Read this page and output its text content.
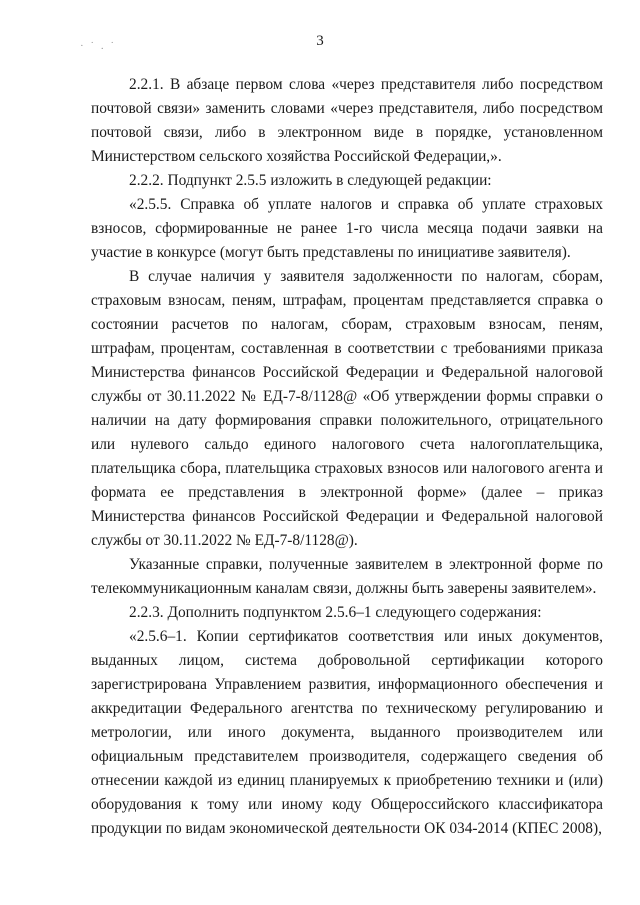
· ˙ . ˙	3

2.2.1. В абзаце первом слова «через представителя либо посредством почтовой связи» заменить словами «через представителя, либо посредством почтовой связи, либо в электронном виде в порядке, установленном Министерством сельского хозяйства Российской Федерации,».

2.2.2. Подпункт 2.5.5 изложить в следующей редакции:

«2.5.5. Справка об уплате налогов и справка об уплате страховых взносов, сформированные не ранее 1-го числа месяца подачи заявки на участие в конкурсе (могут быть представлены по инициативе заявителя).

В случае наличия у заявителя задолженности по налогам, сборам, страховым взносам, пеням, штрафам, процентам представляется справка о состоянии расчетов по налогам, сборам, страховым взносам, пеням, штрафам, процентам, составленная в соответствии с требованиями приказа Министерства финансов Российской Федерации и Федеральной налоговой службы от 30.11.2022 № ЕД-7-8/1128@ «Об утверждении формы справки о наличии на дату формирования справки положительного, отрицательного или нулевого сальдо единого налогового счета налогоплательщика, плательщика сбора, плательщика страховых взносов или налогового агента и формата ее представления в электронной форме» (далее – приказ Министерства финансов Российской Федерации и Федеральной налоговой службы от 30.11.2022 № ЕД-7-8/1128@).

Указанные справки, полученные заявителем в электронной форме по телекоммуникационным каналам связи, должны быть заверены заявителем».

2.2.3. Дополнить подпунктом 2.5.6–1 следующего содержания:

«2.5.6–1. Копии сертификатов соответствия или иных документов, выданных лицом, система добровольной сертификации которого зарегистрирована Управлением развития, информационного обеспечения и аккредитации Федерального агентства по техническому регулированию и метрологии, или иного документа, выданного производителем или официальным представителем производителя, содержащего сведения об отнесении каждой из единиц планируемых к приобретению техники и (или) оборудования к тому или иному коду Общероссийского классификатора продукции по видам экономической деятельности ОК 034-2014 (КПЕС 2008),
